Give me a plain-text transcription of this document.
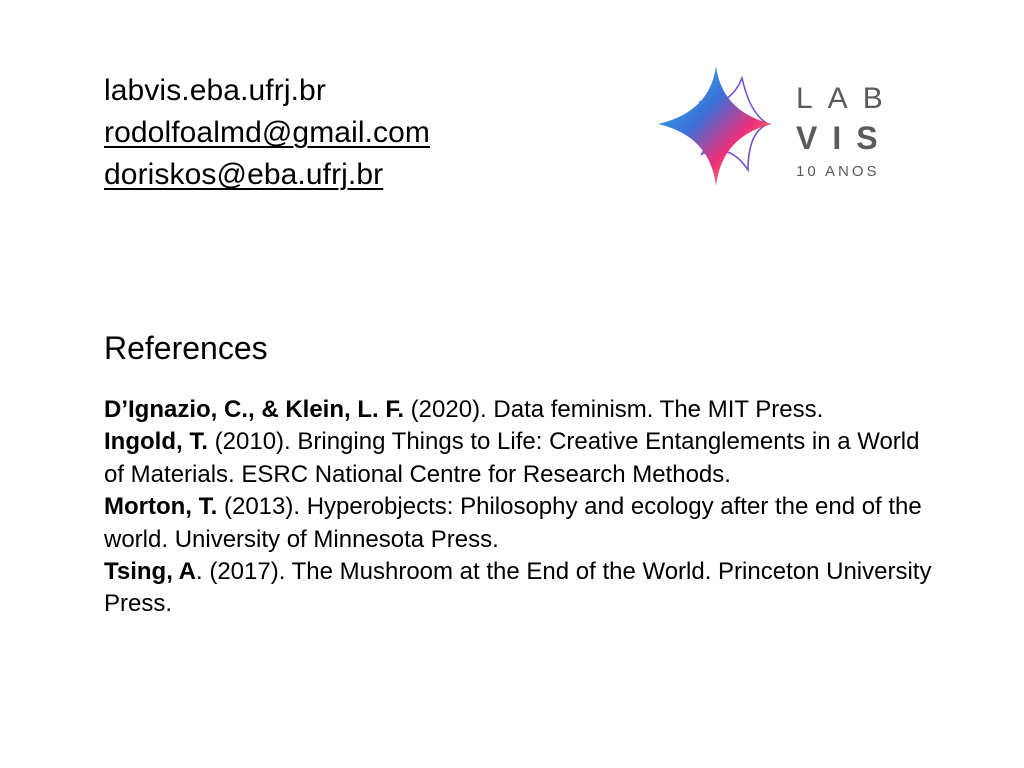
labvis.eba.ufrj.br
rodolfoalmd@gmail.com
doriskos@eba.ufrj.br
LAB
VIS
10 ANOS
References

D’Ignazio, C., & Klein, L. F. (2020). Data feminism. The MIT Press.

Ingold, T. (2010). Bringing Things to Life: Creative Entanglements in a World of Materials. ESRC National Centre for Research Methods.

Morton, T. (2013). Hyperobjects: Philosophy and ecology after the end of the world. University of Minnesota Press.

Tsing, A. (2017). The Mushroom at the End of the World. Princeton University Press.
